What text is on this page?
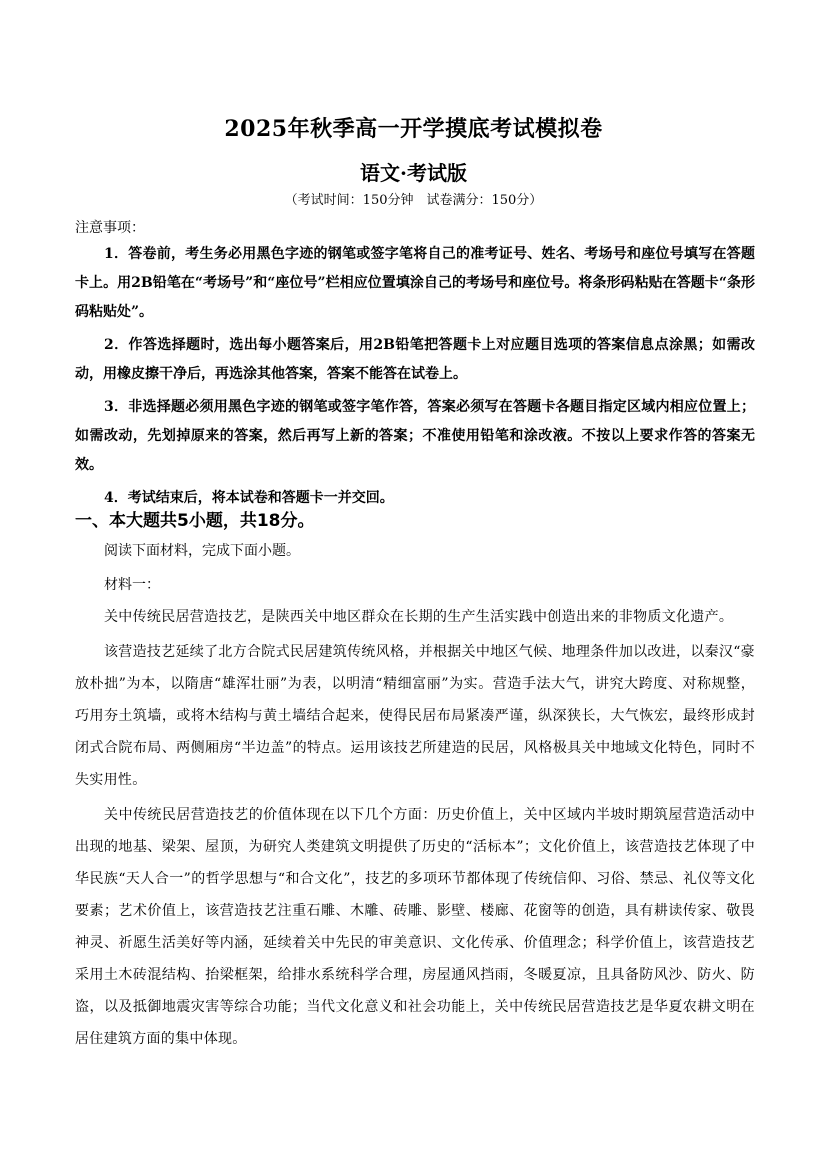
2025年秋季高一开学摸底考试模拟卷
语文·考试版
（考试时间：150分钟　试卷满分：150分）
注意事项：

1．答卷前，考生务必用黑色字迹的钢笔或签字笔将自己的准考证号、姓名、考场号和座位号填写在答题卡上。用2B铅笔在“考场号”和“座位号”栏相应位置填涂自己的考场号和座位号。将条形码粘贴在答题卡“条形码粘贴处”。

2．作答选择题时，选出每小题答案后，用2B铅笔把答题卡上对应题目选项的答案信息点涂黑；如需改动，用橡皮擦干净后，再选涂其他答案，答案不能答在试卷上。

3．非选择题必须用黑色字迹的钢笔或签字笔作答，答案必须写在答题卡各题目指定区域内相应位置上；如需改动，先划掉原来的答案，然后再写上新的答案；不准使用铅笔和涂改液。不按以上要求作答的答案无效。

4．考试结束后，将本试卷和答题卡一并交回。

一、本大题共5小题，共18分。
阅读下面材料，完成下面小题。
材料一：

关中传统民居营造技艺，是陕西关中地区群众在长期的生产生活实践中创造出来的非物质文化遗产。

该营造技艺延续了北方合院式民居建筑传统风格，并根据关中地区气候、地理条件加以改进，以秦汉“豪放朴拙”为本，以隋唐“雄浑壮丽”为表，以明清“精细富丽”为实。营造手法大气，讲究大跨度、对称规整，巧用夯土筑墙，或将木结构与黄土墙结合起来，使得民居布局紧凑严谨，纵深狭长，大气恢宏，最终形成封闭式合院布局、两侧厢房“半边盖”的特点。运用该技艺所建造的民居，风格极具关中地域文化特色，同时不失实用性。

关中传统民居营造技艺的价值体现在以下几个方面：历史价值上，关中区域内半坡时期筑屋营造活动中出现的地基、梁架、屋顶，为研究人类建筑文明提供了历史的“活标本”；文化价值上，该营造技艺体现了中华民族“天人合一”的哲学思想与“和合文化”，技艺的多项环节都体现了传统信仰、习俗、禁忌、礼仪等文化要素；艺术价值上，该营造技艺注重石雕、木雕、砖雕、影壁、楼廊、花窗等的创造，具有耕读传家、敬畏神灵、祈愿生活美好等内涵，延续着关中先民的审美意识、文化传承、价值理念；科学价值上，该营造技艺采用土木砖混结构、抬梁框架，给排水系统科学合理，房屋通风挡雨，冬暖夏凉，且具备防风沙、防火、防盗，以及抵御地震灾害等综合功能；当代文化意义和社会功能上，关中传统民居营造技艺是华夏农耕文明在居住建筑方面的集中体现。
